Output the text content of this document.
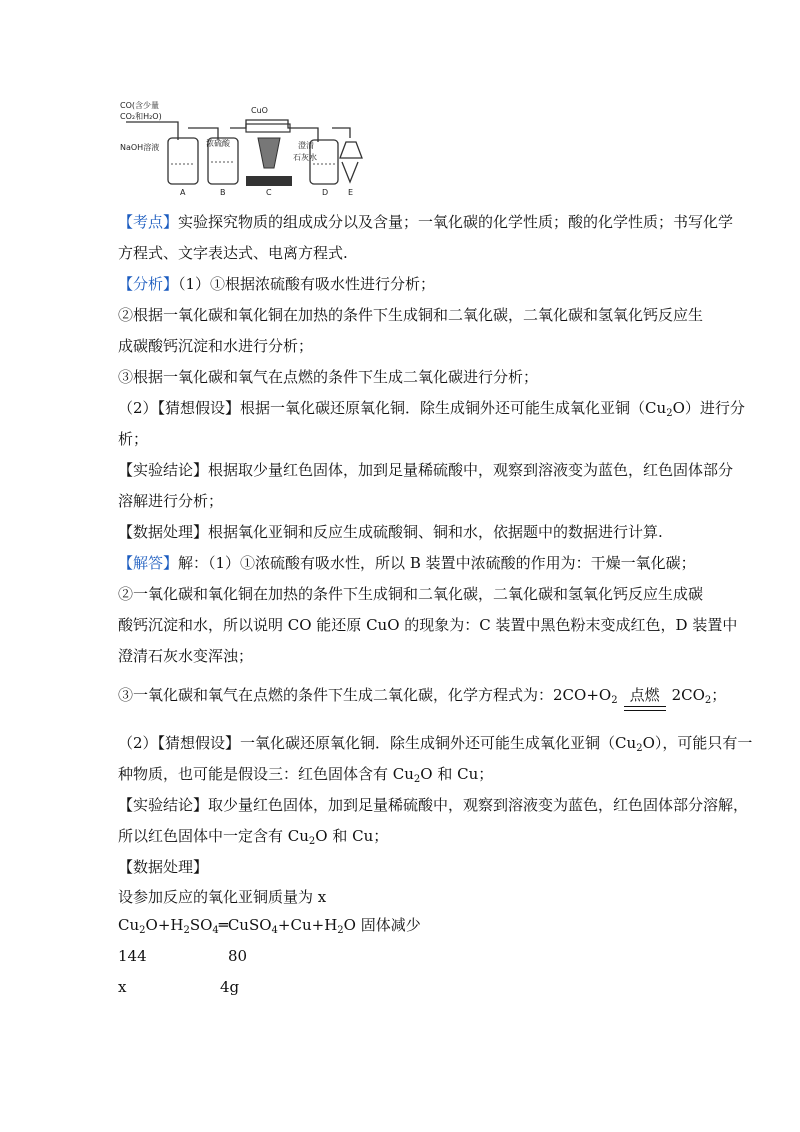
CO(含少量
CO₂和H₂O)
NaOH溶液	浓硫酸
CuO
澄清
石灰水
A	B	C	D E
【考点】实验探究物质的组成成分以及含量；一氧化碳的化学性质；酸的化学性质；书写化学
方程式、文字表达式、电离方程式.
【分析】（1）①根据浓硫酸有吸水性进行分析；
②根据一氧化碳和氧化铜在加热的条件下生成铜和二氧化碳，二氧化碳和氢氧化钙反应生
成碳酸钙沉淀和水进行分析；
③根据一氧化碳和氧气在点燃的条件下生成二氧化碳进行分析；
（2）【猜想假设】根据一氧化碳还原氧化铜．除生成铜外还可能生成氧化亚铜$(Cu_2O)$进行分
析；
【实验结论】根据取少量红色固体，加到足量稀硫酸中，观察到溶液变为蓝色，红色固体部分
溶解进行分析；
【数据处理】根据氧化亚铜和反应生成硫酸铜、铜和水，依据题中的数据进行计算.
【解答】解：（1）①浓硫酸有吸水性，所以 B 装置中浓硫酸的作用为：干燥一氧化碳；
②一氧化碳和氧化铜在加热的条件下生成铜和二氧化碳，二氧化碳和氢氧化钙反应生成碳
酸钙沉淀和水，所以说明 CO 能还原 CuO 的现象为：C 装置中黑色粉末变成红色，D 装置中
澄清石灰水变浑浊；
③一氧化碳和氧气在点燃的条件下生成二氧化碳，化学方程式为：$2CO+O_2$ 点燃 $2CO_2$；
（2）【猜想假设】一氧化碳还原氧化铜．除生成铜外还可能生成氧化亚铜$(Cu_2O)$，可能只有一
种物质，也可能是假设三：红色固体含有 $Cu_2O$ 和 Cu；
【实验结论】取少量红色固体，加到足量稀硫酸中，观察到溶液变为蓝色，红色固体部分溶解，
所以红色固体中一定含有 $Cu_2O$ 和 Cu；
【数据处理】
设参加反应的氧化亚铜质量为 x
$Cu_2O+H_2SO_4═CuSO_4+Cu+H_2O$ 固体减少
144	80
x	4g
